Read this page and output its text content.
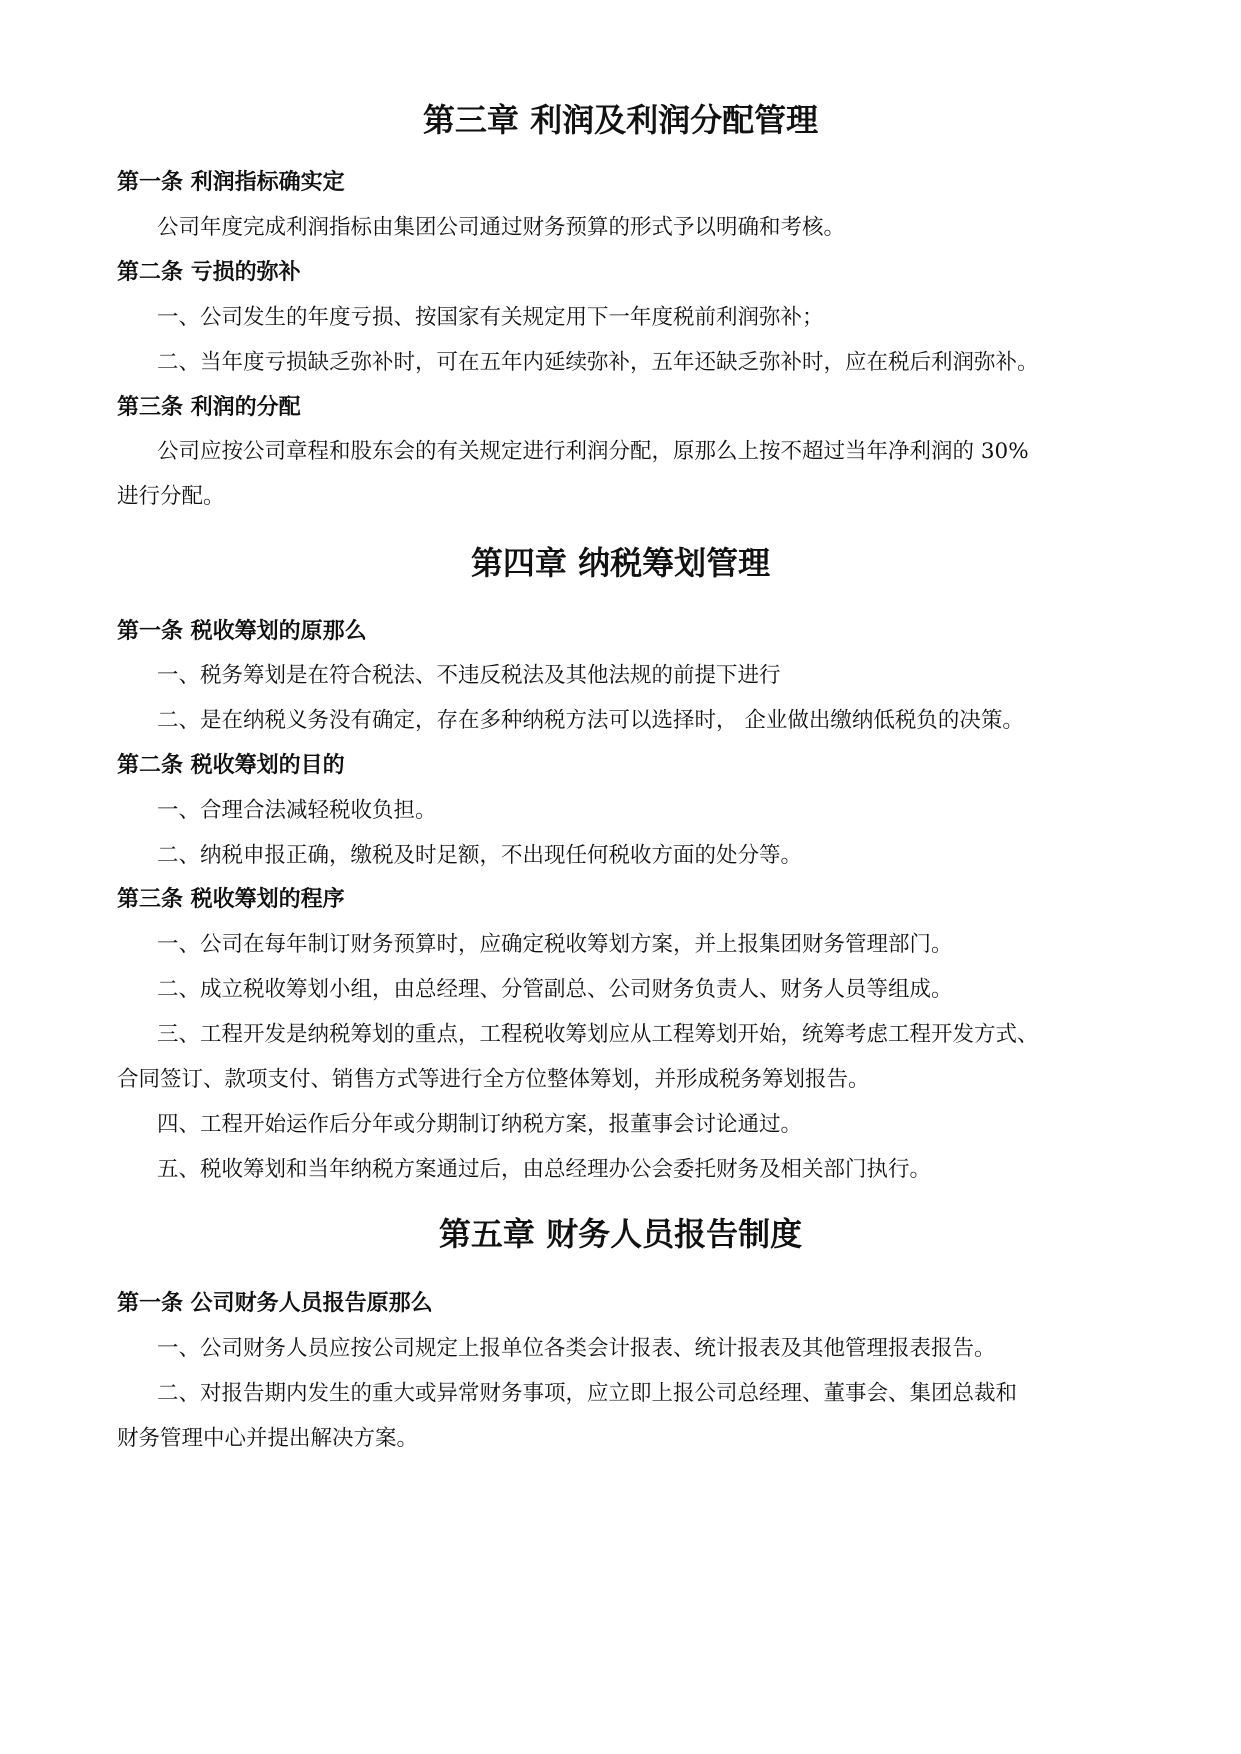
第三章 利润及利润分配管理
第一条 利润指标确实定
公司年度完成利润指标由集团公司通过财务预算的形式予以明确和考核。
第二条 亏损的弥补
一、公司发生的年度亏损、按国家有关规定用下一年度税前利润弥补；
二、当年度亏损缺乏弥补时，可在五年内延续弥补，五年还缺乏弥补时，应在税后利润弥补。
第三条 利润的分配
公司应按公司章程和股东会的有关规定进行利润分配，原那么上按不超过当年净利润的 30%
进行分配。
第四章 纳税筹划管理
第一条 税收筹划的原那么
一、税务筹划是在符合税法、不违反税法及其他法规的前提下进行
二、是在纳税义务没有确定，存在多种纳税方法可以选择时， 企业做出缴纳低税负的决策。
第二条 税收筹划的目的
一、合理合法减轻税收负担。
二、纳税申报正确，缴税及时足额，不出现任何税收方面的处分等。
第三条 税收筹划的程序
一、公司在每年制订财务预算时，应确定税收筹划方案，并上报集团财务管理部门。
二、成立税收筹划小组，由总经理、分管副总、公司财务负责人、财务人员等组成。
三、工程开发是纳税筹划的重点，工程税收筹划应从工程筹划开始，统筹考虑工程开发方式、
合同签订、款项支付、销售方式等进行全方位整体筹划，并形成税务筹划报告。
四、工程开始运作后分年或分期制订纳税方案，报董事会讨论通过。
五、税收筹划和当年纳税方案通过后，由总经理办公会委托财务及相关部门执行。
第五章 财务人员报告制度
第一条 公司财务人员报告原那么
一、公司财务人员应按公司规定上报单位各类会计报表、统计报表及其他管理报表报告。
二、对报告期内发生的重大或异常财务事项，应立即上报公司总经理、董事会、集团总裁和
财务管理中心并提出解决方案。
